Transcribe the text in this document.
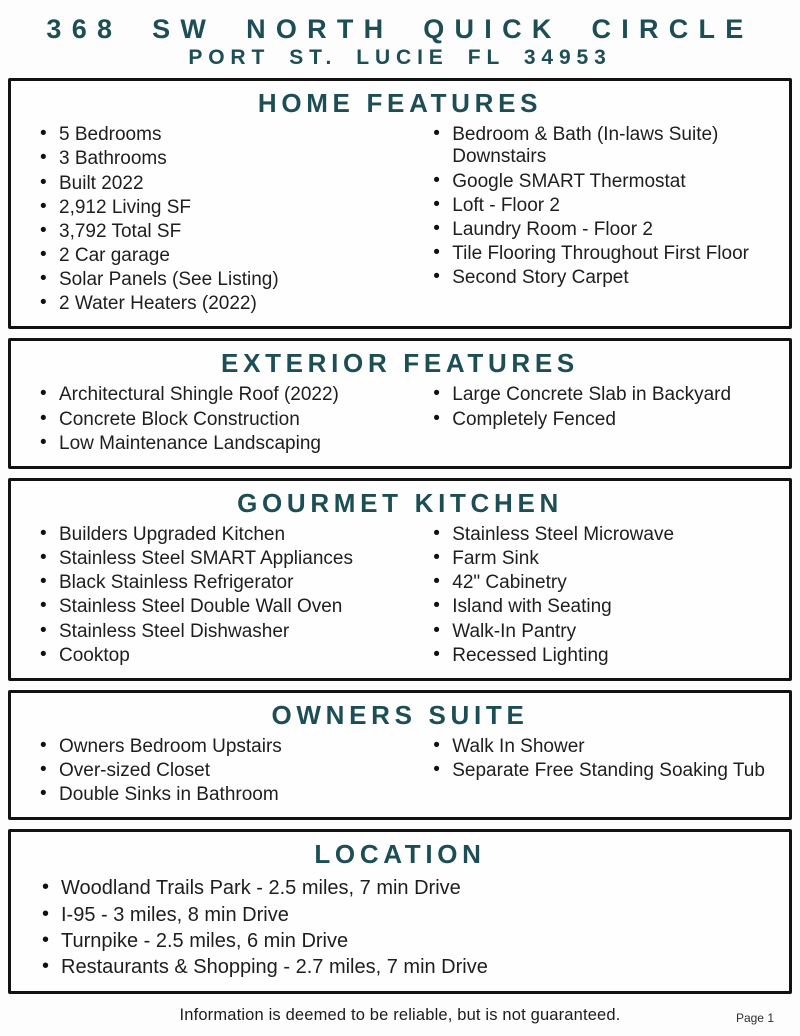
368 SW NORTH QUICK CIRCLE
PORT ST. LUCIE FL 34953
HOME FEATURES
• 5 Bedrooms
• 3 Bathrooms
• Built 2022
• 2,912 Living SF
• 3,792 Total SF
• 2 Car garage
• Solar Panels (See Listing)
• 2 Water Heaters (2022)
• Bedroom & Bath (In-laws Suite) Downstairs
• Google SMART Thermostat
• Loft - Floor 2
• Laundry Room - Floor 2
• Tile Flooring Throughout First Floor
• Second Story Carpet
EXTERIOR FEATURES
• Architectural Shingle Roof (2022)
• Concrete Block Construction
• Low Maintenance Landscaping
• Large Concrete Slab in Backyard
• Completely Fenced
GOURMET KITCHEN
• Builders Upgraded Kitchen
• Stainless Steel SMART Appliances
• Black Stainless Refrigerator
• Stainless Steel Double Wall Oven
• Stainless Steel Dishwasher
• Cooktop
• Stainless Steel Microwave
• Farm Sink
• 42" Cabinetry
• Island with Seating
• Walk-In Pantry
• Recessed Lighting
OWNERS SUITE
• Owners Bedroom Upstairs
• Over-sized Closet
• Double Sinks in Bathroom
• Walk In Shower
• Separate Free Standing Soaking Tub
LOCATION
• Woodland Trails Park - 2.5 miles, 7 min Drive
• I-95 - 3 miles, 8 min Drive
• Turnpike - 2.5 miles, 6 min Drive
• Restaurants & Shopping - 2.7 miles, 7 min Drive
Information is deemed to be reliable, but is not guaranteed.	Page 1
